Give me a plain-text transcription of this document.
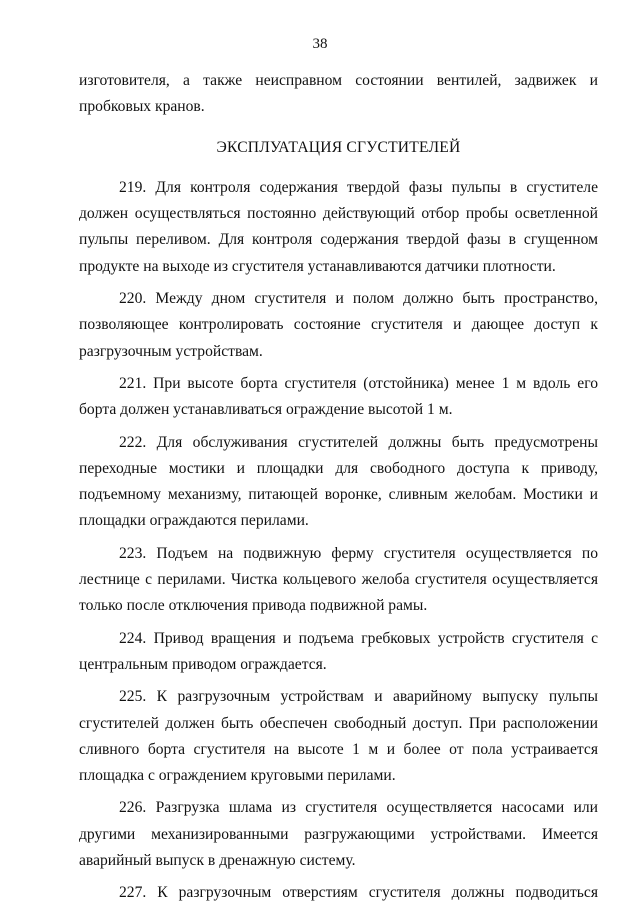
38

изготовителя, а также неисправном состоянии вентилей, задвижек и пробковых кранов.

ЭКСПЛУАТАЦИЯ СГУСТИТЕЛЕЙ

219. Для контроля содержания твердой фазы пульпы в сгустителе должен осуществляться постоянно действующий отбор пробы осветленной пульпы переливом. Для контроля содержания твердой фазы в сгущенном продукте на выходе из сгустителя устанавливаются датчики плотности.

220. Между дном сгустителя и полом должно быть пространство, позволяющее контролировать состояние сгустителя и дающее доступ к разгрузочным устройствам.

221. При высоте борта сгустителя (отстойника) менее 1 м вдоль его борта должен устанавливаться ограждение высотой 1 м.

222. Для обслуживания сгустителей должны быть предусмотрены переходные мостики и площадки для свободного доступа к приводу, подъемному механизму, питающей воронке, сливным желобам. Мостики и площадки ограждаются перилами.

223. Подъем на подвижную ферму сгустителя осуществляется по лестнице с перилами. Чистка кольцевого желоба сгустителя осуществляется только после отключения привода подвижной рамы.

224. Привод вращения и подъема гребковых устройств сгустителя с центральным приводом ограждается.

225. К разгрузочным устройствам и аварийному выпуску пульпы сгустителей должен быть обеспечен свободный доступ. При расположении сливного борта сгустителя на высоте 1 м и более от пола устраивается площадка с ограждением круговыми перилами.

226. Разгрузка шлама из сгустителя осуществляется насосами или другими механизированными разгружающими устройствами. Имеется аварийный выпуск в дренажную систему.

227. К разгрузочным отверстиям сгустителя должны подводиться
